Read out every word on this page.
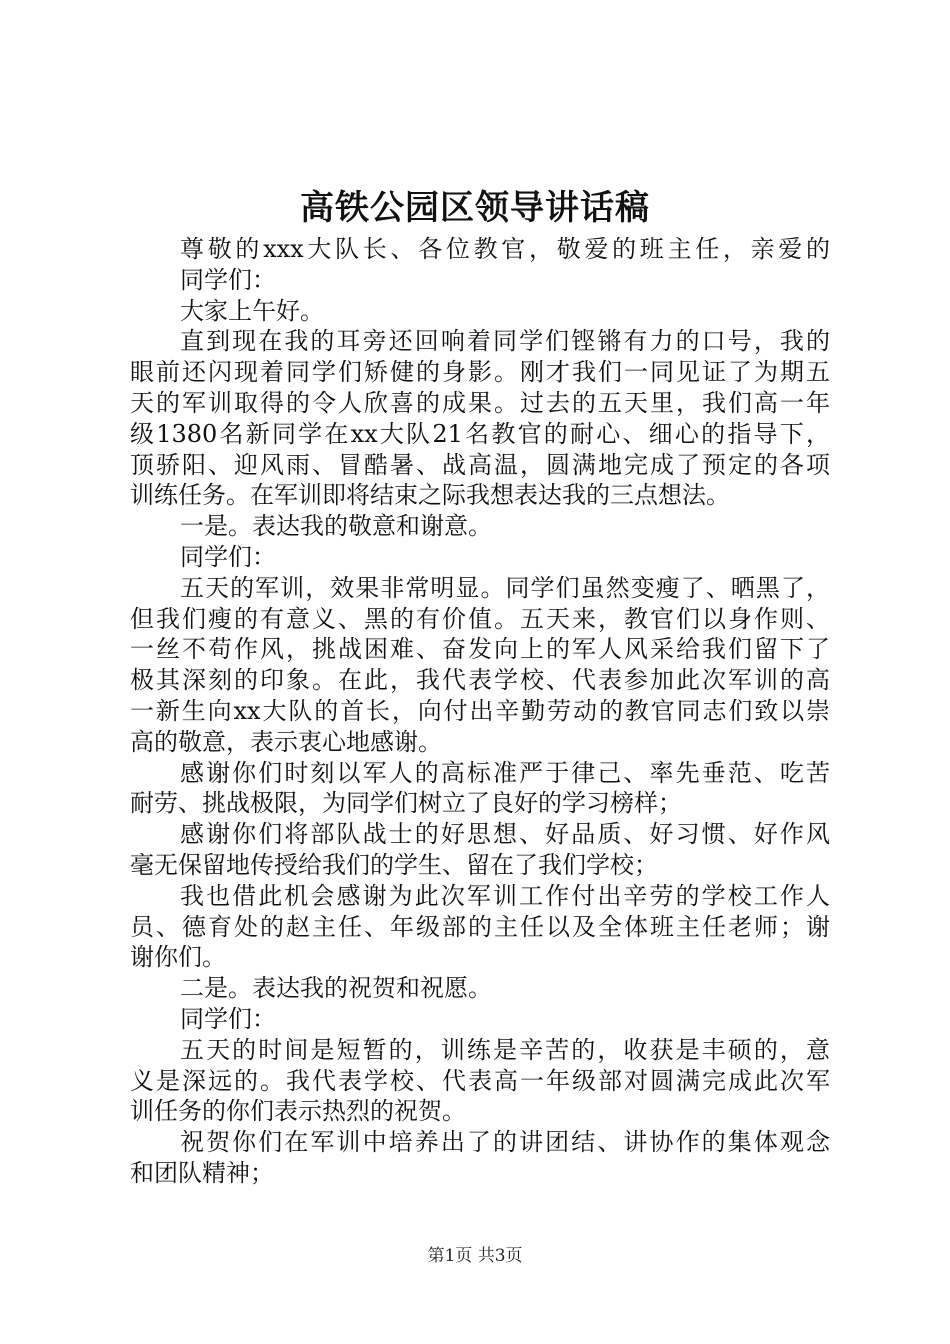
高铁公园区领导讲话稿
尊敬的xxx大队长、各位教官，敬爱的班主任，亲爱的
同学们：
大家上午好。
直到现在我的耳旁还回响着同学们铿锵有力的口号，我的
眼前还闪现着同学们矫健的身影。刚才我们一同见证了为期五
天的军训取得的令人欣喜的成果。过去的五天里，我们高一年
级1380名新同学在xx大队21名教官的耐心、细心的指导下，
顶骄阳、迎风雨、冒酷暑、战高温，圆满地完成了预定的各项
训练任务。在军训即将结束之际我想表达我的三点想法。
一是。表达我的敬意和谢意。
同学们：
五天的军训，效果非常明显。同学们虽然变瘦了、晒黑了，
但我们瘦的有意义、黑的有价值。五天来，教官们以身作则、
一丝不苟作风，挑战困难、奋发向上的军人风采给我们留下了
极其深刻的印象。在此，我代表学校、代表参加此次军训的高
一新生向xx大队的首长，向付出辛勤劳动的教官同志们致以崇
高的敬意，表示衷心地感谢。
感谢你们时刻以军人的高标准严于律己、率先垂范、吃苦
耐劳、挑战极限，为同学们树立了良好的学习榜样；
感谢你们将部队战士的好思想、好品质、好习惯、好作风
毫无保留地传授给我们的学生、留在了我们学校；
我也借此机会感谢为此次军训工作付出辛劳的学校工作人
员、德育处的赵主任、年级部的主任以及全体班主任老师；谢
谢你们。
二是。表达我的祝贺和祝愿。
同学们：
五天的时间是短暂的，训练是辛苦的，收获是丰硕的，意
义是深远的。我代表学校、代表高一年级部对圆满完成此次军
训任务的你们表示热烈的祝贺。
祝贺你们在军训中培养出了的讲团结、讲协作的集体观念
和团队精神；
第1页 共3页
